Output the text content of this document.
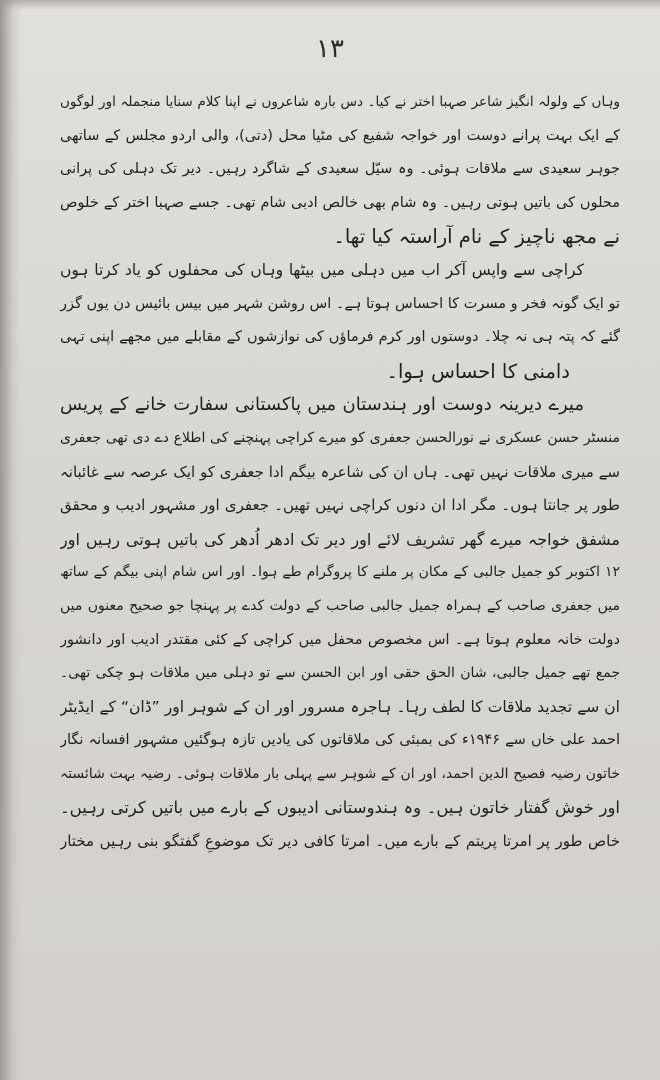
۱۳
وہاں کے ولولہ انگیز شاعر صہبا اختر نے کیا۔ دس بارہ شاعروں نے اپنا کلام سنایا منجملہ اور لوگوں
کے ایک بہت پرانے دوست اور خواجہ شفیع کی مٹیا محل (دتی)، والی اردو مجلس کے ساتھی
جوہر سعیدی سے ملاقات ہوئی۔ وہ سیّل سعیدی کے شاگرد رہیں۔ دیر تک دہلی کی پرانی
محلوں کی باتیں ہوتی رہیں۔ وہ شام بھی خالص ادبی شام تھی۔ جسے صہبا اختر کے خلوص
نے مجھ ناچیز کے نام آراستہ کیا تھا۔
کراچی سے واپس آکر اب میں دہلی میں بیٹھا وہاں کی محفلوں کو یاد کرتا ہوں
تو ایک گونہ فخر و مسرت کا احساس ہوتا ہے۔ اس روشن شہر میں بیس بائیس دن یوں گزر
گئے کہ پتہ ہی نہ چلا۔ دوستوں اور کرم فرماؤں کی نوازشوں کے مقابلے میں مجھے اپنی تہی
دامنی کا احساس ہوا۔
میرے دیرینہ دوست اور ہندستان میں پاکستانی سفارت خانے کے پریس
منسٹر حسن عسکری نے نورالحسن جعفری کو میرے کراچی پہنچنے کی اطلاع دے دی تھی جعفری
سے میری ملاقات نہیں تھی۔ ہاں ان کی شاعرہ بیگم ادا جعفری کو ایک عرصہ سے غائبانہ
طور پر جانتا ہوں۔ مگر ادا ان دنوں کراچی نہیں تھیں۔ جعفری اور مشہور ادیب و محقق
مشفق خواجہ میرے گھر تشریف لائے اور دیر تک ادھر اُدھر کی باتیں ہوتی رہیں اور
۱۲ اکتوبر کو جمیل جالبی کے مکان پر ملنے کا پروگرام طے ہوا۔ اور اس شام اپنی بیگم کے ساتھ
میں جعفری صاحب کے ہمراہ جمیل جالبی صاحب کے دولت کدے پر پہنچا جو صحیح معنوں میں
دولت خانہ معلوم ہوتا ہے۔ اس مخصوص محفل میں کراچی کے کئی مقتدر ادیب اور دانشور
جمع تھے جمیل جالبی، شان الحق حقی اور ابن الحسن سے تو دہلی میں ملاقات ہو چکی تھی۔
ان سے تجدید ملاقات کا لطف رہا۔ ہاجرہ مسرور اور ان کے شوہر اور ”ڈان“ کے ایڈیٹر
احمد علی خاں سے ۱۹۴۶ء کی بمبئی کی ملاقاتوں کی یادیں تازہ ہوگئیں مشہور افسانہ نگار
خاتون رضیہ فصیح الدین احمد، اور ان کے شوہر سے پہلی بار ملاقات ہوئی۔ رضیہ بہت شائستہ
اور خوش گفتار خاتون ہیں۔ وہ ہندوستانی ادیبوں کے بارے میں باتیں کرتی رہیں۔
خاص طور پر امرتا پریتم کے بارے میں۔ امرتا کافی دیر تک موضوعِ گفتگو بنی رہیں مختار
